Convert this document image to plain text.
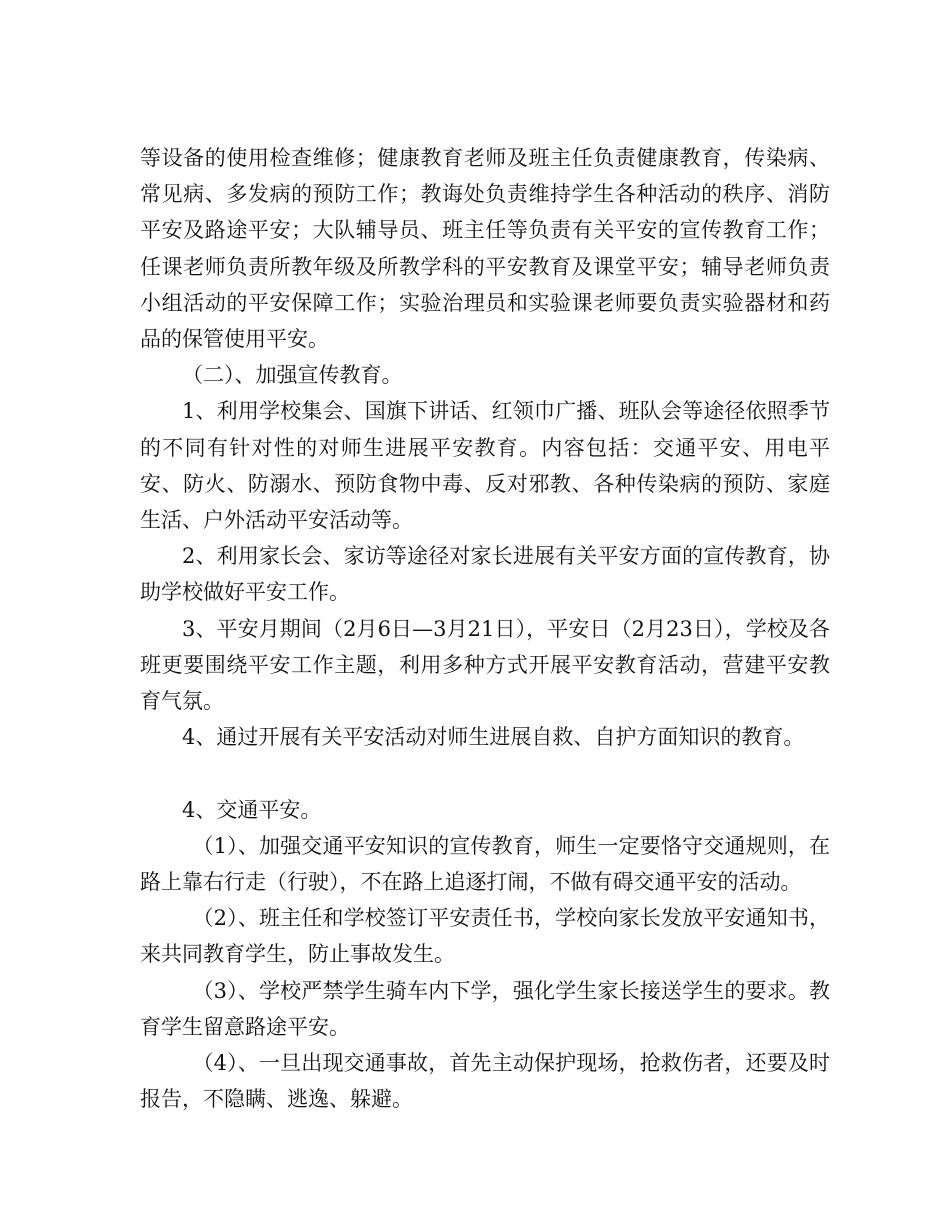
等设备的使用检查维修；健康教育老师及班主任负责健康教育，传染病、常见病、多发病的预防工作；教诲处负责维持学生各种活动的秩序、消防平安及路途平安；大队辅导员、班主任等负责有关平安的宣传教育工作；任课老师负责所教年级及所教学科的平安教育及课堂平安；辅导老师负责小组活动的平安保障工作；实验治理员和实验课老师要负责实验器材和药品的保管使用平安。

（二）、加强宣传教育。

1、利用学校集会、国旗下讲话、红领巾广播、班队会等途径依照季节的不同有针对性的对师生进展平安教育。内容包括：交通平安、用电平安、防火、防溺水、预防食物中毒、反对邪教、各种传染病的预防、家庭生活、户外活动平安活动等。

2、利用家长会、家访等途径对家长进展有关平安方面的宣传教育，协助学校做好平安工作。

3、平安月期间（2月6日—3月21日），平安日（2月23日），学校及各班更要围绕平安工作主题，利用多种方式开展平安教育活动，营建平安教育气氛。

4、通过开展有关平安活动对师生进展自救、自护方面知识的教育。

4、交通平安。

（1）、加强交通平安知识的宣传教育，师生一定要恪守交通规则，在路上靠右行走（行驶），不在路上追逐打闹，不做有碍交通平安的活动。

（2）、班主任和学校签订平安责任书，学校向家长发放平安通知书，来共同教育学生，防止事故发生。

（3）、学校严禁学生骑车内下学，强化学生家长接送学生的要求。教育学生留意路途平安。

（4）、一旦出现交通事故，首先主动保护现场，抢救伤者，还要及时报告，不隐瞒、逃逸、躲避。
